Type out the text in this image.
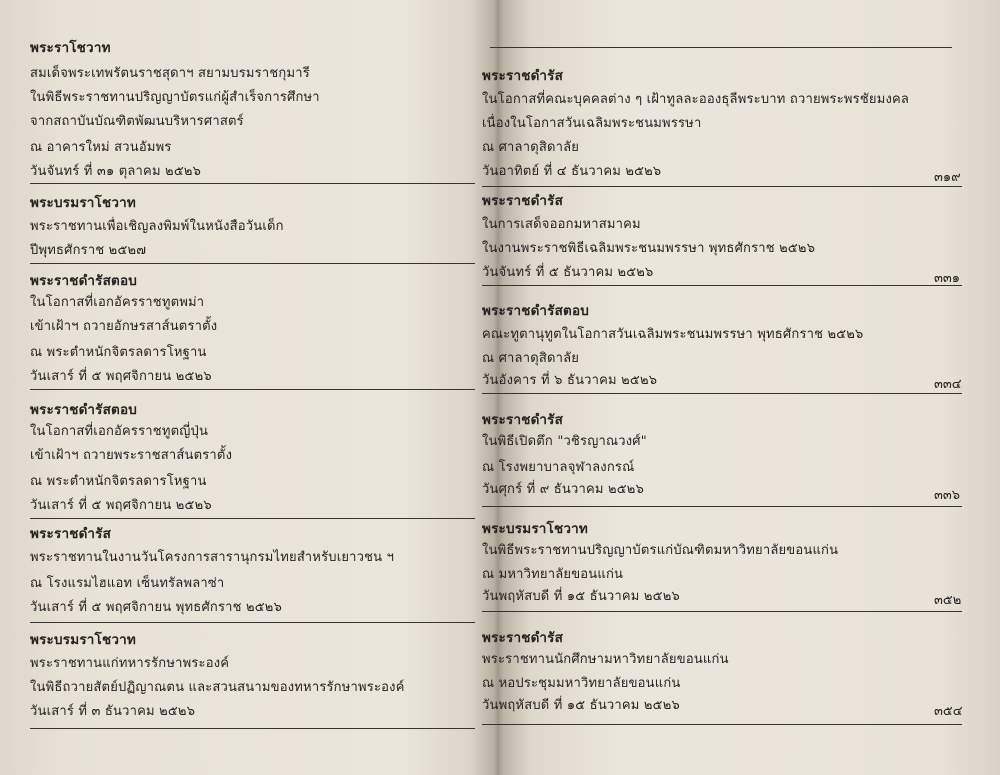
พระราโชวาท
สมเด็จพระเทพรัตนราชสุดาฯ สยามบรมราชกุมารี
ในพิธีพระราชทานปริญญาบัตรแก่ผู้สำเร็จการศึกษา
จากสถาบันบัณฑิตพัฒนบริหารศาสตร์
ณ อาคารใหม่ สวนอัมพร
วันจันทร์ ที่ ๓๑ ตุลาคม ๒๕๒๖
พระบรมราโชวาท
พระราชทานเพื่อเชิญลงพิมพ์ในหนังสือวันเด็ก
ปีพุทธศักราช ๒๕๒๗
พระราชดำรัสตอบ
ในโอกาสที่เอกอัครราชทูตพม่า
เข้าเฝ้าฯ ถวายอักษรสาส์นตราตั้ง
ณ พระตำหนักจิตรลดารโหฐาน
วันเสาร์ ที่ ๕ พฤศจิกายน ๒๕๒๖
พระราชดำรัสตอบ
ในโอกาสที่เอกอัครราชทูตญี่ปุ่น
เข้าเฝ้าฯ ถวายพระราชสาส์นตราตั้ง
ณ พระตำหนักจิตรลดารโหฐาน
วันเสาร์ ที่ ๕ พฤศจิกายน ๒๕๒๖
พระราชดำรัส
พระราชทานในงานวันโครงการสารานุกรมไทยสำหรับเยาวชน ฯ
ณ โรงแรมไฮแอท เซ็นทรัลพลาซ่า
วันเสาร์ ที่ ๕ พฤศจิกายน พุทธศักราช ๒๕๒๖
พระบรมราโชวาท
พระราชทานแก่ทหารรักษาพระองค์
ในพิธีถวายสัตย์ปฏิญาณตน และสวนสนามของทหารรักษาพระองค์
วันเสาร์ ที่ ๓ ธันวาคม ๒๕๒๖
พระราชดำรัส
ในโอกาสที่คณะบุคคลต่าง ๆ เฝ้าทูลละอองธุลีพระบาท ถวายพระพรชัยมงคล
เนื่องในโอกาสวันเฉลิมพระชนมพรรษา
ณ ศาลาดุสิดาลัย
วันอาทิตย์ ที่ ๔ ธันวาคม ๒๕๒๖	๓๑๙
พระราชดำรัส
ในการเสด็จออกมหาสมาคม
ในงานพระราชพิธีเฉลิมพระชนมพรรษา พุทธศักราช ๒๕๒๖
วันจันทร์ ที่ ๕ ธันวาคม ๒๕๒๖	๓๓๑
พระราชดำรัสตอบ
คณะทูตานุทูตในโอกาสวันเฉลิมพระชนมพรรษา พุทธศักราช ๒๕๒๖
ณ ศาลาดุสิดาลัย
วันอังคาร ที่ ๖ ธันวาคม ๒๕๒๖	๓๓๔
พระราชดำรัส
ในพิธีเปิดตึก "วชิรญาณวงศ์"
ณ โรงพยาบาลจุฬาลงกรณ์
วันศุกร์ ที่ ๙ ธันวาคม ๒๕๒๖	๓๓๖
พระบรมราโชวาท
ในพิธีพระราชทานปริญญาบัตรแก่บัณฑิตมหาวิทยาลัยขอนแก่น
ณ มหาวิทยาลัยขอนแก่น
วันพฤหัสบดี ที่ ๑๕ ธันวาคม ๒๕๒๖	๓๕๒
พระราชดำรัส
พระราชทานนักศึกษามหาวิทยาลัยขอนแก่น
ณ หอประชุมมหาวิทยาลัยขอนแก่น
วันพฤหัสบดี ที่ ๑๕ ธันวาคม ๒๕๒๖	๓๕๔
